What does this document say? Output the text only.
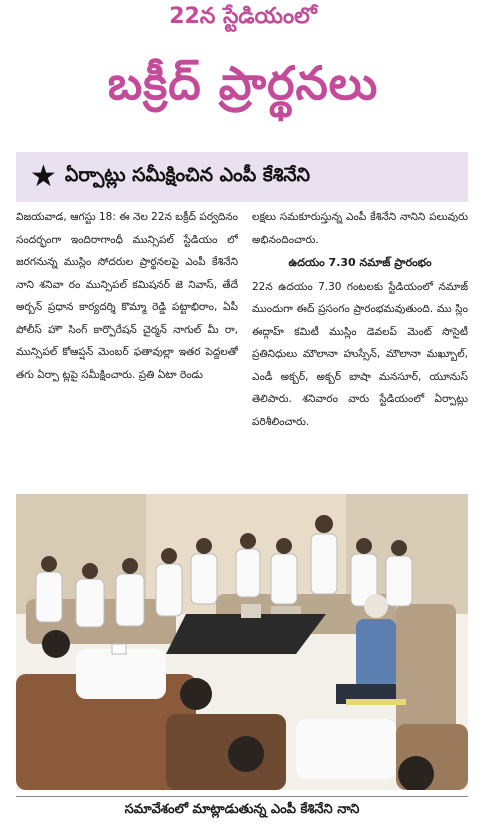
22న స్టేడియంలో
బక్రీద్ ప్రార్థనలు
★ ఏర్పాట్లు సమీక్షించిన ఎంపీ కేశినేని

విజయవాడ, ఆగస్టు 18: ఈ నెల 22న బక్రీద్ పర్వదినం సందర్భంగా ఇందిరాగాంధీ మున్సిపల్ స్టేడియం లో జరగనున్న ముస్లిం సోదరుల ప్రార్థనలపై ఎంపీ కేశినేని నాని శనివా రం మున్సిపల్ కమిషనర్ జె నివాస్, తేదే అర్బన్ ప్రధాన కార్యదర్శి కొమ్మా రెడ్డి పట్టాభిరాం, ఏపీ పోలీస్ హౌ సింగ్ కార్పొరేషన్ చైర్మన్ నాగుల్ మీ రా, మున్సిపల్ కోఆప్షన్ మెంబర్ ఫతావుల్లా ఇతర పెద్దలతో తగు ఏర్పా ట్లపై సమీక్షించారు. ప్రతి ఏటా రెండు

లక్షలు సమకూరుస్తున్న ఎంపీ కేశినేని నానిని పలువురు అభినందించారు.

ఉదయం 7.30 నమాజ్ ప్రారంభం

22న ఉదయం 7.30 గంటలకు స్టేడియంలో నమాజ్ ముందుగా ఈద్ ప్రసంగం ప్రారంభమవుతుంది. ము స్లిం ఈద్గాహ్ కమిటీ ముస్లిం డెవలప్ మెంట్ సొసైటీ ప్రతినిధులు మౌలానా హుస్సేన్, మౌలానా మఖ్బూల్, ఎండీ అక్బర్, అక్బర్ బాషా మనసూర్, యూనుస్ తెలిపారు. శనివారం వారు స్టేడియంలో ఏర్పాట్లు పరిశీలించారు.

సమావేశంలో మాట్లాడుతున్న ఎంపీ కేశినేని నాని
